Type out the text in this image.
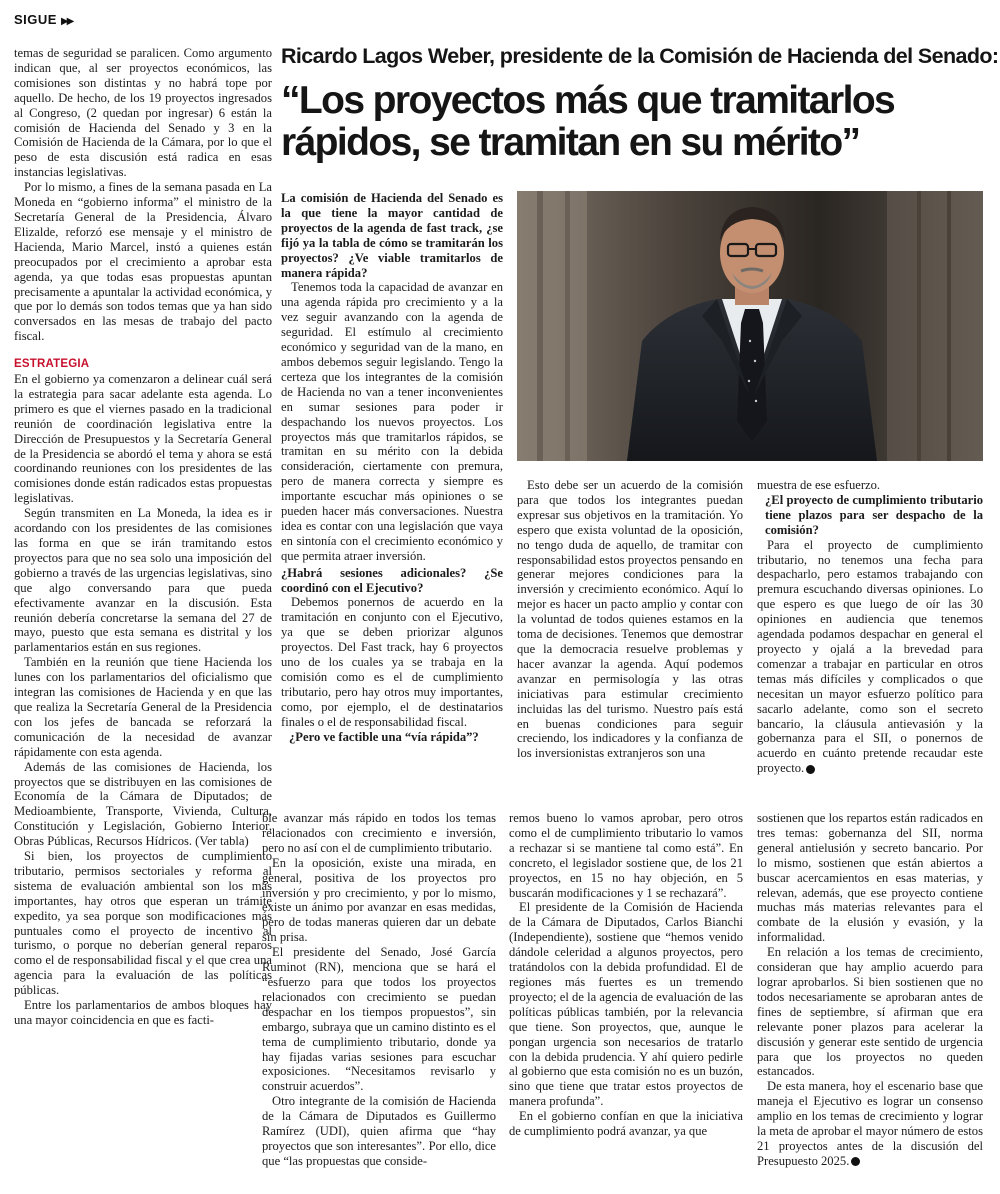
SIGUE ▶▶

temas de seguridad se paralicen. Como argumento indican que, al ser proyectos económicos, las comisiones son distintas y no habrá tope por aquello. De hecho, de los 19 proyectos ingresados al Congreso, (2 quedan por ingresar) 6 están la comisión de Hacienda del Senado y 3 en la Comisión de Hacienda de la Cámara, por lo que el peso de esta discusión está radica en esas instancias legislativas.

Por lo mismo, a fines de la semana pasada en La Moneda en “gobierno informa” el ministro de la Secretaría General de la Presidencia, Álvaro Elizalde, reforzó ese mensaje y el ministro de Hacienda, Mario Marcel, instó a quienes están preocupados por el crecimiento a aprobar esta agenda, ya que todas esas propuestas apuntan precisamente a apuntalar la actividad económica, y que por lo demás son todos temas que ya han sido conversados en las mesas de trabajo del pacto fiscal.

ESTRATEGIA

En el gobierno ya comenzaron a delinear cuál será la estrategia para sacar adelante esta agenda. Lo primero es que el viernes pasado en la tradicional reunión de coordinación legislativa entre la Dirección de Presupuestos y la Secretaría General de la Presidencia se abordó el tema y ahora se está coordinando reuniones con los presidentes de las comisiones donde están radicados estas propuestas legislativas.

Según transmiten en La Moneda, la idea es ir acordando con los presidentes de las comisiones las forma en que se irán tramitando estos proyectos para que no sea solo una imposición del gobierno a través de las urgencias legislativas, sino que algo conversando para que pueda efectivamente avanzar en la discusión. Esta reunión debería concretarse la semana del 27 de mayo, puesto que esta semana es distrital y los parlamentarios están en sus regiones.

También en la reunión que tiene Hacienda los lunes con los parlamentarios del oficialismo que integran las comisiones de Hacienda y en que las que realiza la Secretaría General de la Presidencia con los jefes de bancada se reforzará la comunicación de la necesidad de avanzar rápidamente con esta agenda.

Además de las comisiones de Hacienda, los proyectos que se distribuyen en las comisiones de Economía de la Cámara de Diputados; de Medioambiente, Transporte, Vivienda, Cultura, Constitución y Legislación, Gobierno Interior, Obras Públicas, Recursos Hídricos. (Ver tabla)

Si bien, los proyectos de cumplimiento tributario, permisos sectoriales y reforma al sistema de evaluación ambiental son los más importantes, hay otros que esperan un trámite expedito, ya sea porque son modificaciones más puntuales como el proyecto de incentivo al turismo, o porque no deberían general reparos como el de responsabilidad fiscal y el que crea una agencia para la evaluación de las políticas públicas.

Entre los parlamentarios de ambos bloques hay una mayor coincidencia en que es facti-

Ricardo Lagos Weber, presidente de la Comisión de Hacienda del Senado:
“Los proyectos más que tramitarlos rápidos, se tramitan en su mérito”

La comisión de Hacienda del Senado es la que tiene la mayor cantidad de proyectos de la agenda de fast track, ¿se fijó ya la tabla de cómo se tramitarán los proyectos? ¿Ve viable tramitarlos de manera rápida?

Tenemos toda la capacidad de avanzar en una agenda rápida pro crecimiento y a la vez seguir avanzando con la agenda de seguridad. El estímulo al crecimiento económico y seguridad van de la mano, en ambos debemos seguir legislando. Tengo la certeza que los integrantes de la comisión de Hacienda no van a tener inconvenientes en sumar sesiones para poder ir despachando los nuevos proyectos. Los proyectos más que tramitarlos rápidos, se tramitan en su mérito con la debida consideración, ciertamente con premura, pero de manera correcta y siempre es importante escuchar más opiniones o se pueden hacer más conversaciones. Nuestra idea es contar con una legislación que vaya en sintonía con el crecimiento económico y que permita atraer inversión.

¿Habrá sesiones adicionales? ¿Se coordinó con el Ejecutivo?

Debemos ponernos de acuerdo en la tramitación en conjunto con el Ejecutivo, ya que se deben priorizar algunos proyectos. Del Fast track, hay 6 proyectos uno de los cuales ya se trabaja en la comisión como es el de cumplimiento tributario, pero hay otros muy importantes, como, por ejemplo, el de destinatarios finales o el de responsabilidad fiscal.

¿Pero ve factible una “vía rápida”?

Esto debe ser un acuerdo de la comisión para que todos los integrantes puedan expresar sus objetivos en la tramitación. Yo espero que exista voluntad de la oposición, no tengo duda de aquello, de tramitar con responsabilidad estos proyectos pensando en generar mejores condiciones para la inversión y crecimiento económico. Aquí lo mejor es hacer un pacto amplio y contar con la voluntad de todos quienes estamos en la toma de decisiones. Tenemos que demostrar que la democracia resuelve problemas y hacer avanzar la agenda. Aquí podemos avanzar en permisología y las otras iniciativas para estimular crecimiento incluidas las del turismo. Nuestro país está en buenas condiciones para seguir creciendo, los indicadores y la confianza de los inversionistas extranjeros son una

muestra de ese esfuerzo.

¿El proyecto de cumplimiento tributario tiene plazos para ser despacho de la comisión?

Para el proyecto de cumplimiento tributario, no tenemos una fecha para despacharlo, pero estamos trabajando con premura escuchando diversas opiniones. Lo que espero es que luego de oír las 30 opiniones en audiencia que tenemos agendada podamos despachar en general el proyecto y ojalá a la brevedad para comenzar a trabajar en particular en otros temas más difíciles y complicados o que necesitan un mayor esfuerzo político para sacarlo adelante, como son el secreto bancario, la cláusula antievasión y la gobernanza para el SII, o ponernos de acuerdo en cuánto pretende recaudar este proyecto.

ble avanzar más rápido en todos los temas relacionados con crecimiento e inversión, pero no así con el de cumplimiento tributario.

En la oposición, existe una mirada, en general, positiva de los proyectos pro inversión y pro crecimiento, y por lo mismo, existe un ánimo por avanzar en esas medidas, pero de todas maneras quieren dar un debate sin prisa.

El presidente del Senado, José García Ruminot (RN), menciona que se hará el “esfuerzo para que todos los proyectos relacionados con crecimiento se puedan despachar en los tiempos propuestos”, sin embargo, subraya que un camino distinto es el tema de cumplimiento tributario, donde ya hay fijadas varias sesiones para escuchar exposiciones. “Necesitamos revisarlo y construir acuerdos”.

Otro integrante de la comisión de Hacienda de la Cámara de Diputados es Guillermo Ramírez (UDI), quien afirma que “hay proyectos que son interesantes”. Por ello, dice que “las propuestas que conside-

remos bueno lo vamos aprobar, pero otros como el de cumplimiento tributario lo vamos a rechazar si se mantiene tal como está”. En concreto, el legislador sostiene que, de los 21 proyectos, en 15 no hay objeción, en 5 buscarán modificaciones y 1 se rechazará”.

El presidente de la Comisión de Hacienda de la Cámara de Diputados, Carlos Bianchi (Independiente), sostiene que “hemos venido dándole celeridad a algunos proyectos, pero tratándolos con la debida profundidad. El de regiones más fuertes es un tremendo proyecto; el de la agencia de evaluación de las políticas públicas también, por la relevancia que tiene. Son proyectos, que, aunque le pongan urgencia son necesarios de tratarlo con la debida prudencia. Y ahí quiero pedirle al gobierno que esta comisión no es un buzón, sino que tiene que tratar estos proyectos de manera profunda”.

En el gobierno confían en que la iniciativa de cumplimiento podrá avanzar, ya que

sostienen que los repartos están radicados en tres temas: gobernanza del SII, norma general antielusión y secreto bancario. Por lo mismo, sostienen que están abiertos a buscar acercamientos en esas materias, y relevan, además, que ese proyecto contiene muchas más materias relevantes para el combate de la elusión y evasión, y la informalidad.

En relación a los temas de crecimiento, consideran que hay amplio acuerdo para lograr aprobarlos. Si bien sostienen que no todos necesariamente se aprobaran antes de fines de septiembre, sí afirman que era relevante poner plazos para acelerar la discusión y generar este sentido de urgencia para que los proyectos no queden estancados.

De esta manera, hoy el escenario base que maneja el Ejecutivo es lograr un consenso amplio en los temas de crecimiento y lograr la meta de aprobar el mayor número de estos 21 proyectos antes de la discusión del Presupuesto 2025.
